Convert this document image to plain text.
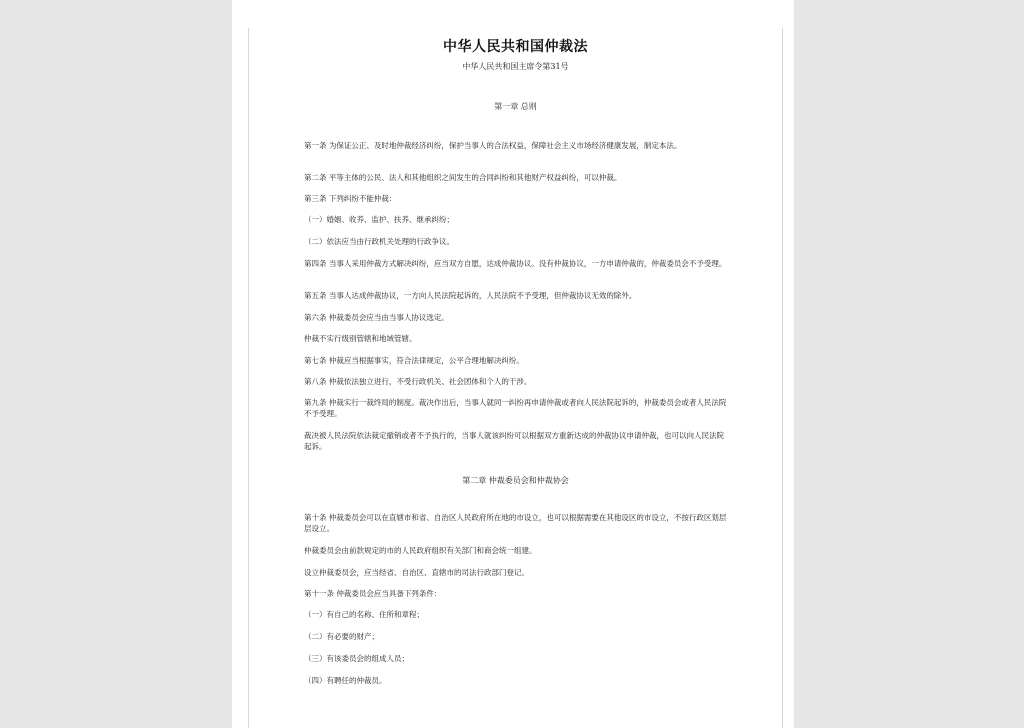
中华人民共和国仲裁法
中华人民共和国主席令第31号
第一章 总则

第一条 为保证公正、及时地仲裁经济纠纷，保护当事人的合法权益，保障社会主义市场经济健康发展，制定本法。

第二条 平等主体的公民、法人和其他组织之间发生的合同纠纷和其他财产权益纠纷，可以仲裁。

第三条 下列纠纷不能仲裁：

（一）婚姻、收养、监护、扶养、继承纠纷；

（二）依法应当由行政机关处理的行政争议。

第四条 当事人采用仲裁方式解决纠纷，应当双方自愿，达成仲裁协议。没有仲裁协议，一方申请仲裁的，仲裁委员会不予受理。

第五条 当事人达成仲裁协议，一方向人民法院起诉的，人民法院不予受理，但仲裁协议无效的除外。

第六条 仲裁委员会应当由当事人协议选定。

仲裁不实行级别管辖和地域管辖。

第七条 仲裁应当根据事实，符合法律规定，公平合理地解决纠纷。

第八条 仲裁依法独立进行，不受行政机关、社会团体和个人的干涉。

第九条 仲裁实行一裁终局的制度。裁决作出后，当事人就同一纠纷再申请仲裁或者向人民法院起诉的，仲裁委员会或者人民法院不予受理。

裁决被人民法院依法裁定撤销或者不予执行的，当事人就该纠纷可以根据双方重新达成的仲裁协议申请仲裁，也可以向人民法院起诉。

第二章 仲裁委员会和仲裁协会

第十条 仲裁委员会可以在直辖市和省、自治区人民政府所在地的市设立，也可以根据需要在其他设区的市设立，不按行政区划层层设立。

仲裁委员会由前款规定的市的人民政府组织有关部门和商会统一组建。

设立仲裁委员会，应当经省、自治区、直辖市的司法行政部门登记。

第十一条 仲裁委员会应当具备下列条件：

（一）有自己的名称、住所和章程；

（二）有必要的财产；

（三）有该委员会的组成人员；

（四）有聘任的仲裁员。
